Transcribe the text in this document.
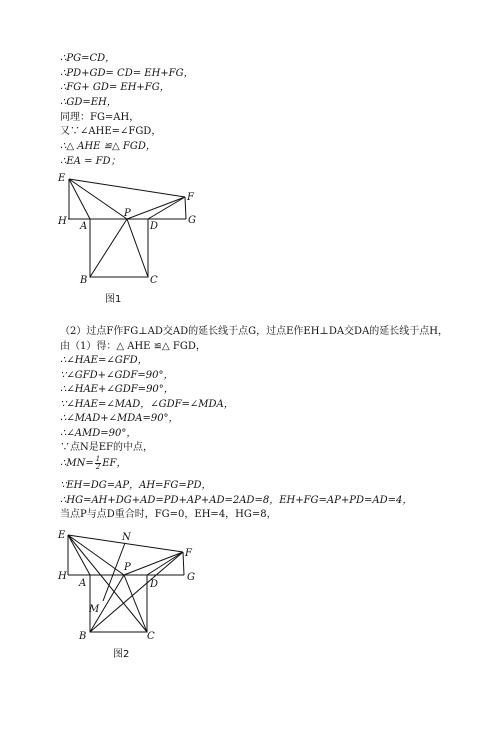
∴PG=CD，
∴PD+GD= CD= EH+FG，
∴FG+ GD= EH+FG，
∴GD=EH，
同理：FG=AH，
又∵∠AHE=∠FGD，
∴△ AHE ≌△ FGD，
∴EA = FD；
E
F
H A
P
D
G
B	C
图1
（2）过点F作FG⊥AD交AD的延长线于点G，过点E作EH⊥DA交DA的延长线于点H，
由（1）得：△ AHE ≌△ FGD，
∴∠HAE=∠GFD，
∵∠GFD+∠GDF=90°，
∴∠HAE+∠GDF=90°，
∵∠HAE=∠MAD，∠GDF=∠MDA，
∴∠MAD+∠MDA=90°，
∴∠AMD=90°，
∵点N是EF的中点，
∴MN= $\frac{1}{2}$ EF，
∵EH=DG=AP，AH=FG=PD，
∴HG=AH+DG+AD=PD+AP+AD=2AD=8，EH+FG=AP+PD=AD=4，
当点P与点D重合时，FG=0，EH=4，HG=8，
E	N
F
H
A
P
D
G
M
B	C
图2
